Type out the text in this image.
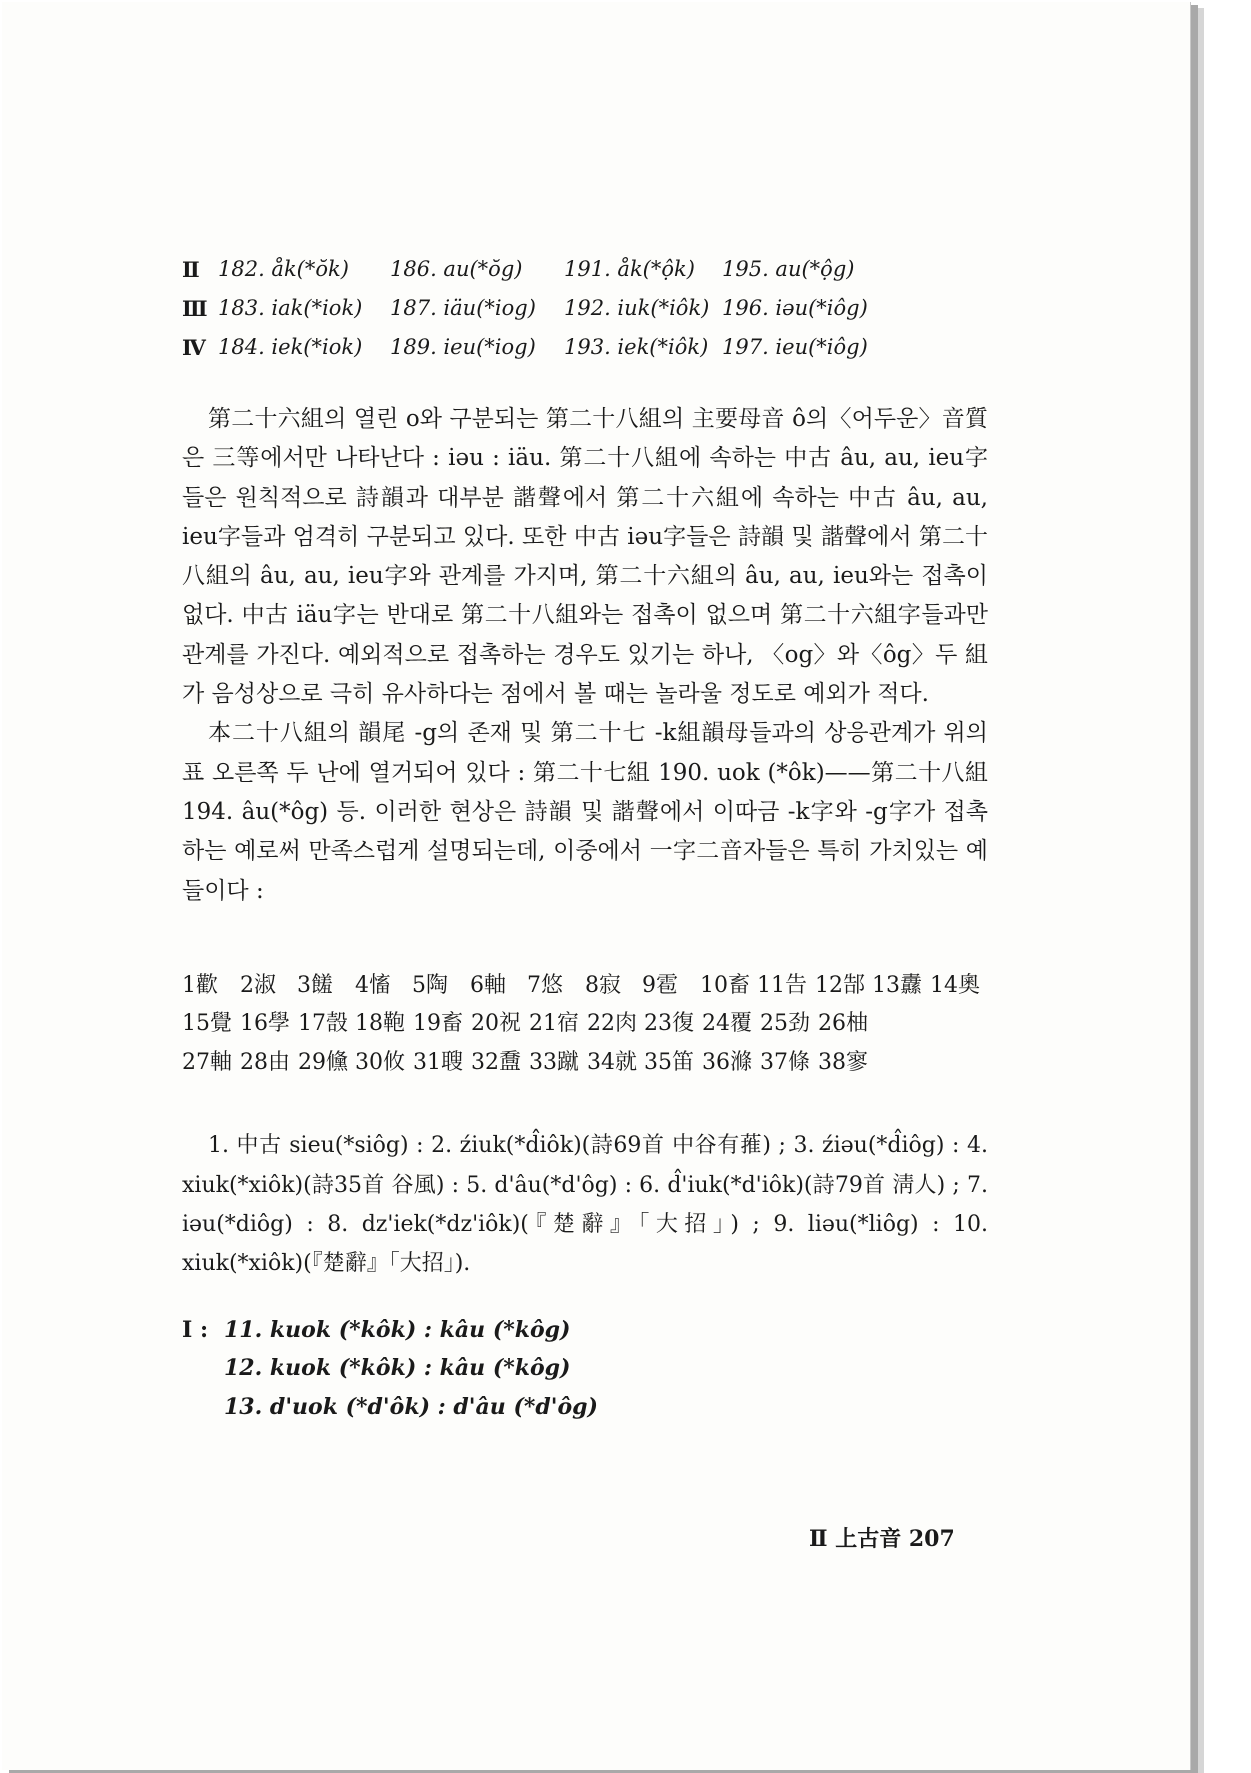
Ⅱ 182. åk(*ŏk) 186. au(*ŏg) 191. åk(*ộk) 195. au(*ộg)
Ⅲ 183. iak(*iok) 187. iäu(*iog) 192. iuk(*iôk) 196. iəu(*iôg)
Ⅳ 184. iek(*iok) 189. ieu(*iog) 193. iek(*iôk) 197. ieu(*iôg)

第二十六組의 열린 o와 구분되는 第二十八組의 主要母音 ô의〈어두운〉音質은 三等에서만 나타난다 : iəu : iäu. 第二十八組에 속하는 中古 âu, au, ieu字들은 원칙적으로 詩韻과 대부분 諧聲에서 第二十六組에 속하는 中古 âu, au, ieu字들과 엄격히 구분되고 있다. 또한 中古 iəu字들은 詩韻 및 諧聲에서 第二十八組의 âu, au, ieu字와 관계를 가지며, 第二十六組의 âu, au, ieu와는 접촉이 없다. 中古 iäu字는 반대로 第二十八組와는 접촉이 없으며 第二十六組字들과만 관계를 가진다. 예외적으로 접촉하는 경우도 있기는 하나, 〈og〉와〈ôg〉두 組가 음성상으로 극히 유사하다는 점에서 볼 때는 놀라울 정도로 예외가 적다.

本二十八組의 韻尾 -g의 존재 및 第二十七 -k組韻母들과의 상응관계가 위의 표 오른쪽 두 난에 열거되어 있다 : 第二十七組 190. uok (*ôk)——第二十八組 194. âu(*ôg) 등. 이러한 현상은 詩韻 및 諧聲에서 이따금 -k字와 -g字가 접촉하는 예로써 만족스럽게 설명되는데, 이중에서 一字二音자들은 특히 가치있는 예들이다 :

1歡 2淑 3饈 4慉 5陶 6軸 7悠 8寂 9雹 10畜 11告 12郜 13纛 14奧
15覺 16學 17嗀 18鞄 19畜 20祝 21宿 22肉 23復 24覆 25劲 26柚
27軸 28由 29儵 30攸 31䏂 32䀉 33蹴 34就 35笛 36滌 37條 38寥

1. 中古 sieu(*siôg) : 2. źiuk(*d̂iôk)(詩69首 中谷有蓷) ; 3. źiəu(*d̂iôg) : 4. xiuk(*xiôk)(詩35首 谷風) : 5. d'âu(*d'ôg) : 6. d̂'iuk(*d'iôk)(詩79首 淸人) ; 7. iəu(*diôg) : 8. dz'iek(*dz'iôk)(『楚辭』「大招」) ; 9. liəu(*liôg) : 10. xiuk(*xiôk)(『楚辭』「大招」).

Ⅰ : 11. kuok (*kôk) : kâu (*kôg)
12. kuok (*kôk) : kâu (*kôg)
13. d'uok (*d'ôk) : d'âu (*d'ôg)
Ⅱ 上古音 207
